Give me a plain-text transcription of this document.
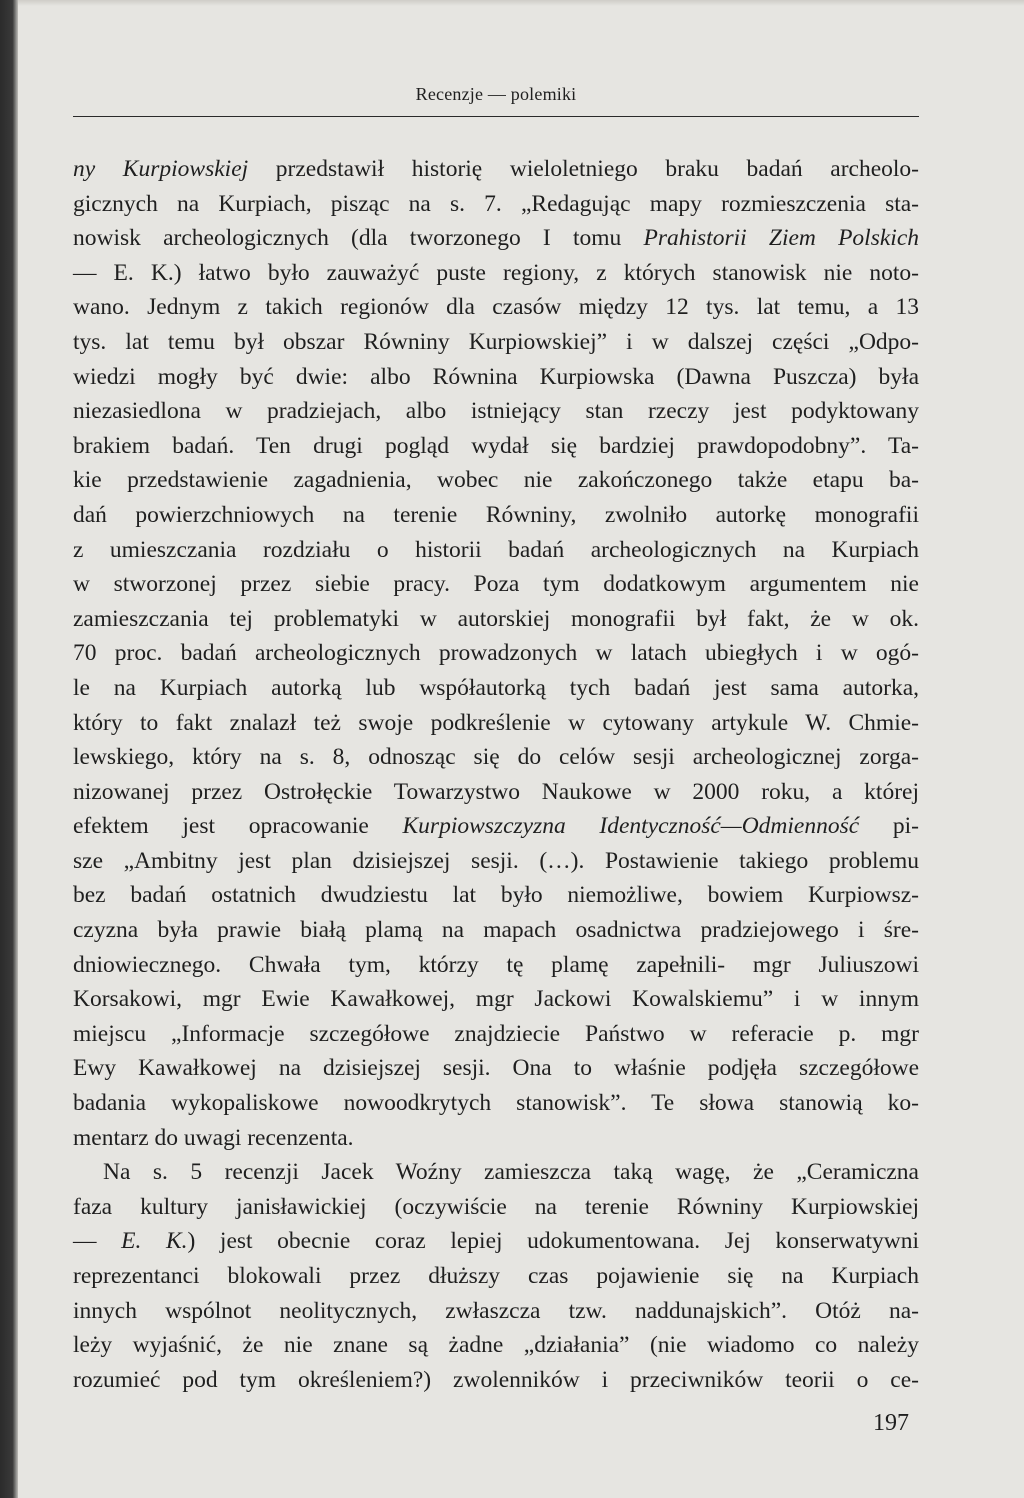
Recenzje — polemiki

ny Kurpiowskiej przedstawił historię wieloletniego braku badań archeolo-
gicznych na Kurpiach, pisząc na s. 7. „Redagując mapy rozmieszczenia sta-
nowisk archeologicznych (dla tworzonego I tomu Prahistorii Ziem Polskich
— E. K.) łatwo było zauważyć puste regiony, z których stanowisk nie noto-
wano. Jednym z takich regionów dla czasów między 12 tys. lat temu, a 13
tys. lat temu był obszar Równiny Kurpiowskiej” i w dalszej części „Odpo-
wiedzi mogły być dwie: albo Równina Kurpiowska (Dawna Puszcza) była
niezasiedlona w pradziejach, albo istniejący stan rzeczy jest podyktowany
brakiem badań. Ten drugi pogląd wydał się bardziej prawdopodobny”. Ta-
kie przedstawienie zagadnienia, wobec nie zakończonego także etapu ba-
dań powierzchniowych na terenie Równiny, zwolniło autorkę monografii
z umieszczania rozdziału o historii badań archeologicznych na Kurpiach
w stworzonej przez siebie pracy. Poza tym dodatkowym argumentem nie
zamieszczania tej problematyki w autorskiej monografii był fakt, że w ok.
70 proc. badań archeologicznych prowadzonych w latach ubiegłych i w ogó-
le na Kurpiach autorką lub współautorką tych badań jest sama autorka,
który to fakt znalazł też swoje podkreślenie w cytowany artykule W. Chmie-
lewskiego, który na s. 8, odnosząc się do celów sesji archeologicznej zorga-
nizowanej przez Ostrołęckie Towarzystwo Naukowe w 2000 roku, a której
efektem jest opracowanie Kurpiowszczyzna Identyczność—Odmienność pi-
sze „Ambitny jest plan dzisiejszej sesji. (…). Postawienie takiego problemu
bez badań ostatnich dwudziestu lat było niemożliwe, bowiem Kurpiowsz-
czyzna była prawie białą plamą na mapach osadnictwa pradziejowego i śre-
dniowiecznego. Chwała tym, którzy tę plamę zapełnili- mgr Juliuszowi
Korsakowi, mgr Ewie Kawałkowej, mgr Jackowi Kowalskiemu” i w innym
miejscu „Informacje szczegółowe znajdziecie Państwo w referacie p. mgr
Ewy Kawałkowej na dzisiejszej sesji. Ona to właśnie podjęła szczegółowe
badania wykopaliskowe nowoodkrytych stanowisk”. Te słowa stanowią ko-
mentarz do uwagi recenzenta.

Na s. 5 recenzji Jacek Woźny zamieszcza taką wagę, że „Ceramiczna
faza kultury janisławickiej (oczywiście na terenie Równiny Kurpiowskiej
— E. K.) jest obecnie coraz lepiej udokumentowana. Jej konserwatywni
reprezentanci blokowali przez dłuższy czas pojawienie się na Kurpiach
innych wspólnot neolitycznych, zwłaszcza tzw. naddunajskich”. Otóż na-
leży wyjaśnić, że nie znane są żadne „działania” (nie wiadomo co należy
rozumieć pod tym określeniem?) zwolenników i przeciwników teorii o ce-

197
